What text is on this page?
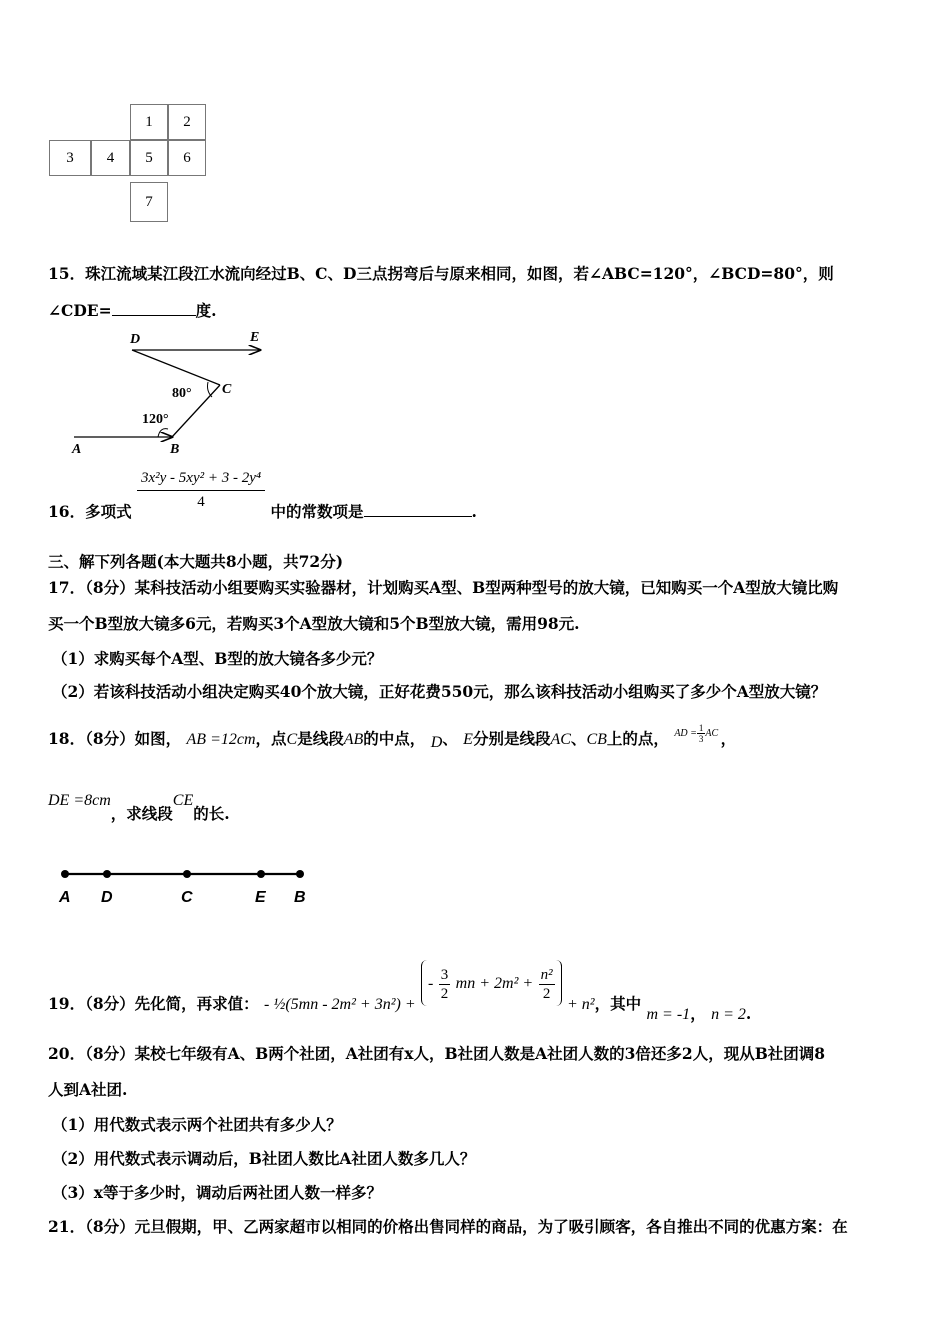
1	2
3	4	5	6
7
15．珠江流域某江段江水流向经过B、C、D三点拐弯后与原来相同，如图，若∠ABC=120°，∠BCD=80°，则
∠CDE=	度.
D	E
C
A	B
80°
120°
16．多项式 $\frac{\text{3x²y - 5xy² + 3 - 2y⁴}}{4}$ 中的常数项是	.
三、解下列各题(本大题共8小题，共72分)
17．（8分）某科技活动小组要购买实验器材，计划购买A型、B型两种型号的放大镜，已知购买一个A型放大镜比购
买一个B型放大镜多6元，若购买3个A型放大镜和5个B型放大镜，需用98元.
（1）求购买每个A型、B型的放大镜各多少元？
（2）若该科技活动小组决定购买40个放大镜，正好花费550元，那么该科技活动小组购买了多少个A型放大镜？
18．（8分）如图， AB =12cm，点C是线段AB的中点， D、 E分别是线段AC、CB上的点， $^{AD = \frac{1}{3} AC}$ ，
DE =8cm，求线段CE的长.
A D	C	E B
19．（8分）先化简，再求值： - ½(5mn - 2m² + 3n²) + - $\frac{3}{2}$ mn + $2m^2 + \frac{\text{n²}}{2}$
+ n²，其中 m = -1， n = 2.
20．（8分）某校七年级有A、B两个社团，A社团有x人，B社团人数是A社团人数的3倍还多2人，现从B社团调8
人到A社团.
（1）用代数式表示两个社团共有多少人？
（2）用代数式表示调动后，B社团人数比A社团人数多几人？
（3）x等于多少时，调动后两社团人数一样多？
21．（8分）元旦假期，甲、乙两家超市以相同的价格出售同样的商品，为了吸引顾客，各自推出不同的优惠方案：在
